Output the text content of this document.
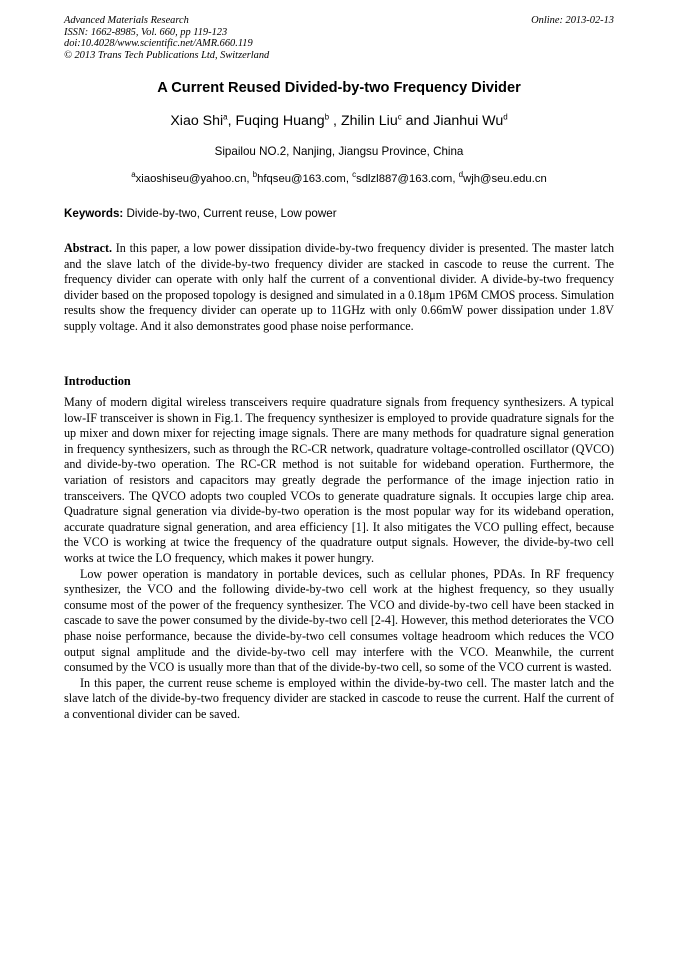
Advanced Materials Research
ISSN: 1662-8985, Vol. 660, pp 119-123
doi:10.4028/www.scientific.net/AMR.660.119
© 2013 Trans Tech Publications Ltd, Switzerland
Online: 2013-02-13
A Current Reused Divided-by-two Frequency Divider
Xiao Shi$^a$, Fuqing Huang$^b$ , Zhilin Liu$^c$ and Jianhui Wu$^d$
Sipailou NO.2, Nanjing, Jiangsu Province, China
$^a$xiaoshiseu@yahoo.cn, $^b$hfqseu@163.com, $^c$sdlzl887@163.com, $^d$wjh@seu.edu.cn
Keywords: Divide-by-two, Current reuse, Low power
Abstract. In this paper, a low power dissipation divide-by-two frequency divider is presented. The master latch and the slave latch of the divide-by-two frequency divider are stacked in cascode to reuse the current. The frequency divider can operate with only half the current of a conventional divider. A divide-by-two frequency divider based on the proposed topology is designed and simulated in a 0.18μm 1P6M CMOS process. Simulation results show the frequency divider can operate up to 11GHz with only 0.66mW power dissipation under 1.8V supply voltage. And it also demonstrates good phase noise performance.
Introduction

Many of modern digital wireless transceivers require quadrature signals from frequency synthesizers. A typical low-IF transceiver is shown in Fig.1. The frequency synthesizer is employed to provide quadrature signals for the up mixer and down mixer for rejecting image signals. There are many methods for quadrature signal generation in frequency synthesizers, such as through the RC-CR network, quadrature voltage-controlled oscillator (QVCO) and divide-by-two operation. The RC-CR method is not suitable for wideband operation. Furthermore, the variation of resistors and capacitors may greatly degrade the performance of the image injection ratio in transceivers. The QVCO adopts two coupled VCOs to generate quadrature signals. It occupies large chip area. Quadrature signal generation via divide-by-two operation is the most popular way for its wideband operation, accurate quadrature signal generation, and area efficiency [1]. It also mitigates the VCO pulling effect, because the VCO is working at twice the frequency of the quadrature output signals. However, the divide-by-two cell works at twice the LO frequency, which makes it power hungry.

Low power operation is mandatory in portable devices, such as cellular phones, PDAs. In RF frequency synthesizer, the VCO and the following divide-by-two cell work at the highest frequency, so they usually consume most of the power of the frequency synthesizer. The VCO and divide-by-two cell have been stacked in cascade to save the power consumed by the divide-by-two cell [2-4]. However, this method deteriorates the VCO phase noise performance, because the divide-by-two cell consumes voltage headroom which reduces the VCO output signal amplitude and the divide-by-two cell may interfere with the VCO. Meanwhile, the current consumed by the VCO is usually more than that of the divide-by-two cell, so some of the VCO current is wasted.

In this paper, the current reuse scheme is employed within the divide-by-two cell. The master latch and the slave latch of the divide-by-two frequency divider are stacked in cascode to reuse the current. Half the current of a conventional divider can be saved.
